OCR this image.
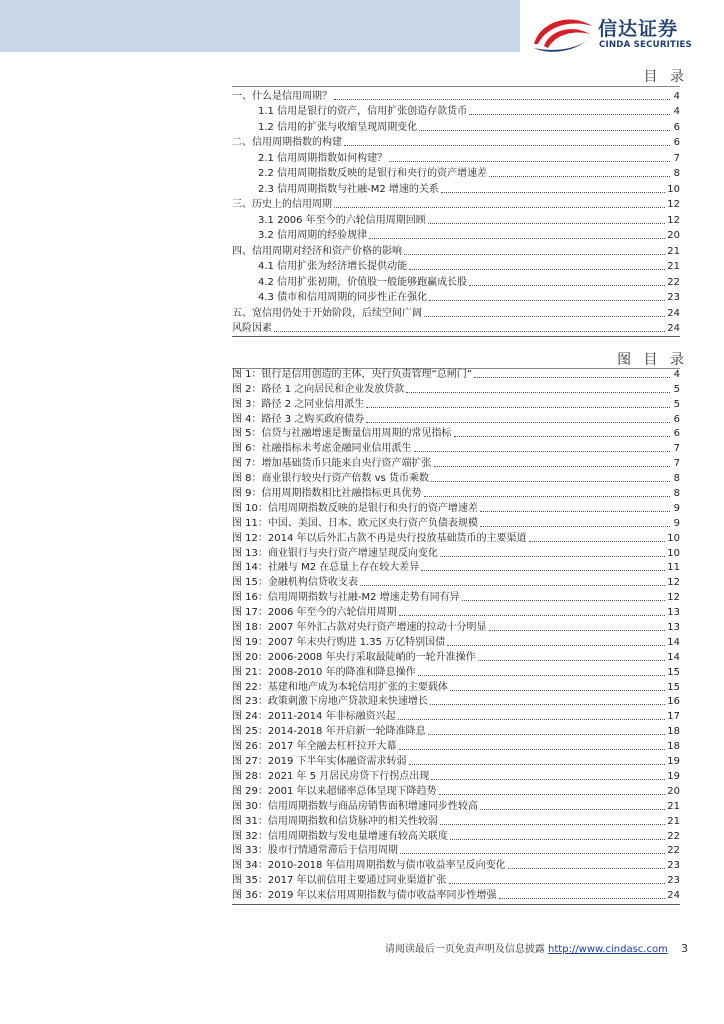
信达证券
CINDA SECURITIES
目 录
一、什么是信用周期？	4
1.1 信用是银行的资产，信用扩张创造存款货币	4
1.2 信用的扩张与收缩呈现周期变化	6
二、信用周期指数的构建	6
2.1 信用周期指数如何构建？	7
2.2 信用周期指数反映的是银行和央行的资产增速差	8
2.3 信用周期指数与社融-M2 增速的关系	10
三、历史上的信用周期	12
3.1 2006 年至今的六轮信用周期回顾	12
3.2 信用周期的经验规律	20
四、信用周期对经济和资产价格的影响	21
4.1 信用扩张为经济增长提供动能	21
4.2 信用扩张初期，价值股一般能够跑赢成长股	22
4.3 债市和信用周期的同步性正在强化	23
五、宽信用仍处于开始阶段，后续空间广阔	24
风险因素	24
图 目 录
图 1：银行是信用创造的主体，央行负责管理“总闸门”	4
图 2：路径 1 之向居民和企业发放贷款	5
图 3：路径 2 之同业信用派生	5
图 4：路径 3 之购买政府债券	6
图 5：信贷与社融增速是衡量信用周期的常见指标	6
图 6：社融指标未考虑金融同业信用派生	7
图 7：增加基础货币只能来自央行资产端扩张	7
图 8：商业银行较央行资产倍数 vs 货币乘数	8
图 9：信用周期指数相比社融指标更具优势	8
图 10：信用周期指数反映的是银行和央行的资产增速差	9
图 11：中国、美国、日本、欧元区央行资产负债表规模	9
图 12：2014 年以后外汇占款不再是央行投放基础货币的主要渠道	10
图 13：商业银行与央行资产增速呈现反向变化	10
图 14：社融与 M2 在总量上存在较大差异	11
图 15：金融机构信贷收支表	12
图 16：信用周期指数与社融-M2 增速走势有同有异	12
图 17：2006 年至今的六轮信用周期	13
图 18：2007 年外汇占款对央行资产增速的拉动十分明显	13
图 19：2007 年末央行购进 1.35 万亿特别国债	14
图 20：2006-2008 年央行采取最陡峭的一轮升准操作	14
图 21：2008-2010 年的降准和降息操作	15
图 22：基建和地产成为本轮信用扩张的主要载体	15
图 23：政策刺激下房地产贷款迎来快速增长	16
图 24：2011-2014 年非标融资兴起	17
图 25：2014-2018 年开启新一轮降准降息	18
图 26：2017 年全融去杠杆拉开大幕	18
图 27：2019 下半年实体融资需求转弱	19
图 28：2021 年 5 月居民房贷下行拐点出现	19
图 29：2001 年以来超储率总体呈现下降趋势	20
图 30：信用周期指数与商品房销售面积增速同步性较高	21
图 31：信用周期指数和信贷脉冲的相关性较弱	21
图 32：信用周期指数与发电量增速有较高关联度	22
图 33：股市行情通常滞后于信用周期	22
图 34：2010-2018 年信用周期指数与债市收益率呈反向变化	23
图 35：2017 年以前信用主要通过同业渠道扩张	23
图 36：2019 年以来信用周期指数与债市收益率同步性增强	24
请阅读最后一页免责声明及信息披露 http://www.cindasc.com 3
